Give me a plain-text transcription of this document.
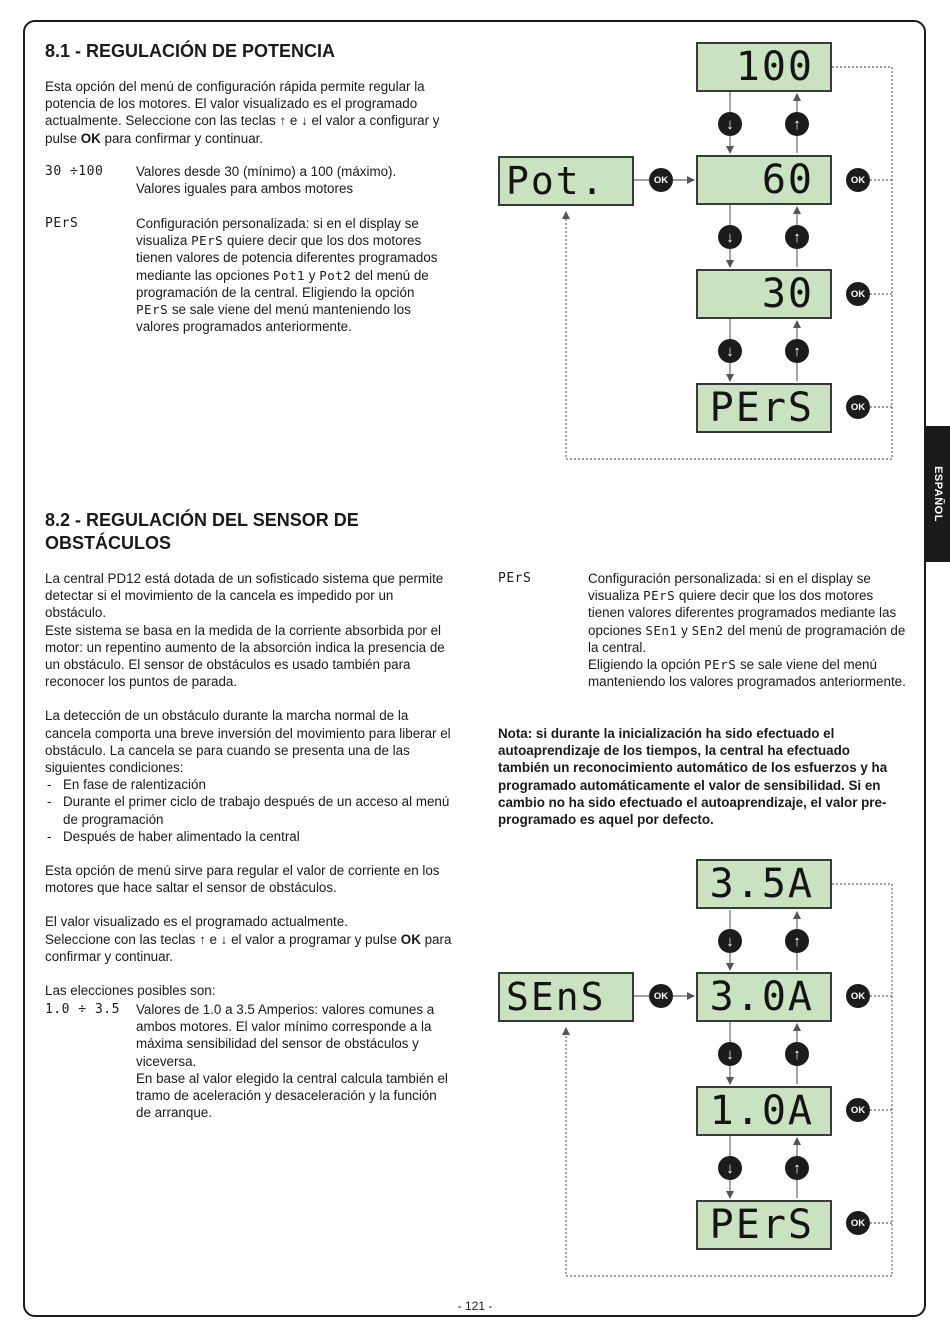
ESPAÑOL
8.1 - REGULACIÓN DE POTENCIA
Esta opción del menú de configuración rápida permite regular la potencia de los motores. El valor visualizado es el programado actualmente. Seleccione con las teclas ↑ e ↓ el valor a configurar y pulse OK para confirmar y continuar.
30 ÷100 Valores desde 30 (mínimo) a 100 (máximo). Valores iguales para ambos motores
PErS	Configuración personalizada: si en el display se visualiza PErS quiere decir que los dos motores tienen valores de potencia diferentes programados mediante las opciones Pot1 y Pot2 del menú de programación de la central. Eligiendo la opción PErS se sale viene del menú manteniendo los valores programados anteriormente.
Pot.	OK
100
↓	↑
60	OK
↓	↑
30	OK
↓	↑
PErS	OK
8.2 - REGULACIÓN DEL SENSOR DE
OBSTÁCULOS

La central PD12 está dotada de un sofisticado sistema que permite detectar si el movimiento de la cancela es impedido por un obstáculo.

Este sistema se basa en la medida de la corriente absorbida por el motor: un repentino aumento de la absorción indica la presencia de un obstáculo. El sensor de obstáculos es usado también para reconocer los puntos de parada.

La detección de un obstáculo durante la marcha normal de la cancela comporta una breve inversión del movimiento para liberar el obstáculo. La cancela se para cuando se presenta una de las siguientes condiciones:

- En fase de ralentización
- Durante el primer ciclo de trabajo después de un acceso al menú de programación
- Después de haber alimentado la central

Esta opción de menú sirve para regular el valor de corriente en los motores que hace saltar el sensor de obstáculos.

El valor visualizado es el programado actualmente.

Seleccione con las teclas ↑ e ↓ el valor a programar y pulse OK para confirmar y continuar.

Las elecciones posibles son:

1.0 ÷ 3.5 Valores de 1.0 a 3.5 Amperios: valores comunes a ambos motores. El valor mínimo corresponde a la máxima sensibilidad del sensor de obstáculos y viceversa.

En base al valor elegido la central calcula también el tramo de aceleración y desaceleración y la función de arranque.

PErS	Configuración personalizada: si en el display se visualiza PErS quiere decir que los dos motores tienen valores diferentes programados mediante las opciones SEn1 y SEn2 del menú de programación de la central.

Eligiendo la opción PErS se sale viene del menú manteniendo los valores programados anteriormente.

Nota: si durante la inicialización ha sido efectuado el autoaprendizaje de los tiempos, la central ha efectuado también un reconocimiento automático de los esfuerzos y ha programado automáticamente el valor de sensibilidad. Si en cambio no ha sido efectuado el autoaprendizaje, el valor pre-programado es aquel por defecto.
SEnS	OK
3.5A
↓	↑
3.0A	OK
↓	↑
1.0A	OK
↓	↑
PErS	OK
- 121 -
